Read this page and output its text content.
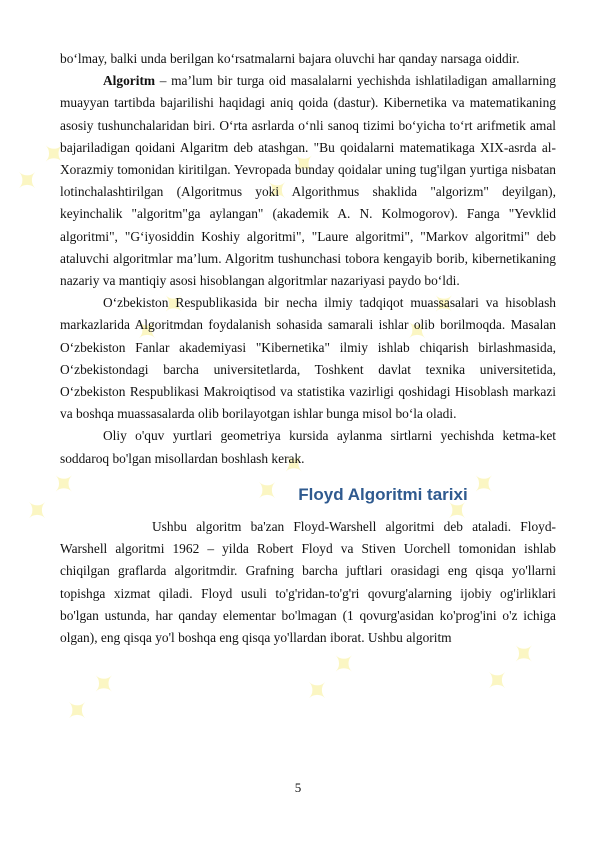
✦ ✦
✦ ✦
✦ ✦
✦ ✦
✦ ✦	✦ ✦	✦ ✦
✦ ✦	✦ ✦	✦ ✦

bo‘lmay, balki unda berilgan ko‘rsatmalarni bajara oluvchi har qanday narsaga oiddir.

Algoritm – ma’lum bir turga oid masalalarni yechishda ishlatiladigan amallarning muayyan tartibda bajarilishi haqidagi aniq qoida (dastur). Kibernetika va matematikaning asosiy tushunchalaridan biri. O‘rta asrlarda o‘nli sanoq tizimi bo‘yicha to‘rt arifmetik amal bajariladigan qoidani Algaritm deb atashgan. "Bu qoidalarni matematikaga XIX-asrda al-Xorazmiy tomonidan kiritilgan. Yevropada bunday qoidalar uning tug'ilgan yurtiga nisbatan lotinchalashtirilgan (Algoritmus yoki Algorithmus shaklida "algorizm" deyilgan), keyinchalik "algoritm"ga aylangan" (akademik A. N. Kolmogorov). Fanga "Yevklid algoritmi", "G‘iyosiddin Koshiy algoritmi", "Laure algoritmi", "Markov algoritmi" deb ataluvchi algoritmlar ma’lum. Algoritm tushunchasi tobora kengayib borib, kibernetikaning nazariy va mantiqiy asosi hisoblangan algoritmlar nazariyasi paydo bo‘ldi.

O‘zbekiston Respublikasida bir necha ilmiy tadqiqot muassasalari va hisoblash markazlarida Algoritmdan foydalanish sohasida samarali ishlar olib borilmoqda. Masalan O‘zbekiston Fanlar akademiyasi "Kibernetika" ilmiy ishlab chiqarish birlashmasida, O‘zbekistondagi barcha universitetlarda, Toshkent davlat texnika universitetida, O‘zbekiston Respublikasi Makroiqtisod va statistika vazirligi qoshidagi Hisoblash markazi va boshqa muassasalarda olib borilayotgan ishlar bunga misol bo‘la oladi.

Oliy o'quv yurtlari geometriya kursida aylanma sirtlarni yechishda ketma-ket soddaroq bo'lgan misollardan boshlash kerak.

Floyd Algoritmi tarixi

Ushbu algoritm ba'zan Floyd-Warshell algoritmi deb ataladi. Floyd-Warshell algoritmi 1962 – yilda Robert Floyd va Stiven Uorchell tomonidan ishlab chiqilgan graflarda algoritmdir. Grafning barcha juftlari orasidagi eng qisqa yo'llarni topishga xizmat qiladi. Floyd usuli to'g'ridan-to'g'ri qovurg'alarning ijobiy og'irliklari bo'lgan ustunda, har qanday elementar bo'lmagan (1 qovurg'asidan ko'prog'ini o'z ichiga olgan), eng qisqa yo'l boshqa eng qisqa yo'llardan iborat. Ushbu algoritm

5
